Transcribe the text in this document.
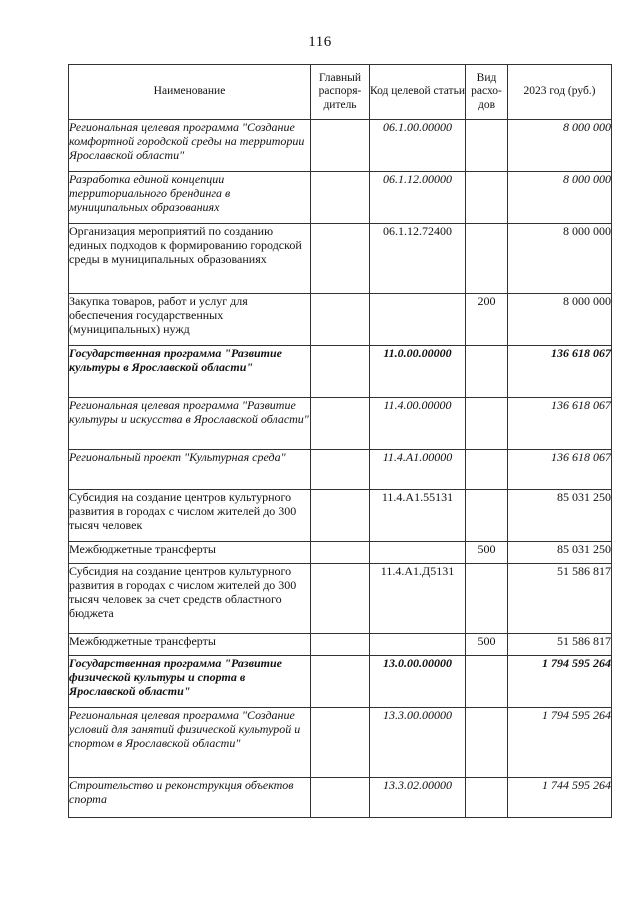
116
Наименование	Главный распоря-дитель	Код целевой статьи	Вид расхо-дов	2023 год (руб.)
Региональная целевая программа "Создание комфортной городской среды на территории Ярославской области"		06.1.00.00000		8 000 000
Разработка единой концепции территориального брендинга в муниципальных образованиях		06.1.12.00000		8 000 000
Организация мероприятий по созданию единых подходов к формированию городской среды в муниципальных образованиях		06.1.12.72400		8 000 000
Закупка товаров, работ и услуг для обеспечения государственных (муниципальных) нужд			200	8 000 000
Государственная программа "Развитие культуры в Ярославской области"		11.0.00.00000		136 618 067
Региональная целевая программа "Развитие культуры и искусства в Ярославской области"		11.4.00.00000		136 618 067
Региональный проект "Культурная среда"		11.4.A1.00000		136 618 067
Субсидия на создание центров культурного развития в городах с числом жителей до 300 тысяч человек		11.4.A1.55131		85 031 250
Межбюджетные трансферты			500	85 031 250
Субсидия на создание центров культурного развития в городах с числом жителей до 300 тысяч человек за счет средств областного бюджета		11.4.A1.Д5131		51 586 817
Межбюджетные трансферты			500	51 586 817
Государственная программа "Развитие физической культуры и спорта в Ярославской области"		13.0.00.00000		1 794 595 264
Региональная целевая программа "Создание условий для занятий физической культурой и спортом в Ярославской области"		13.3.00.00000		1 794 595 264
Строительство и реконструкция объектов спорта		13.3.02.00000		1 744 595 264
